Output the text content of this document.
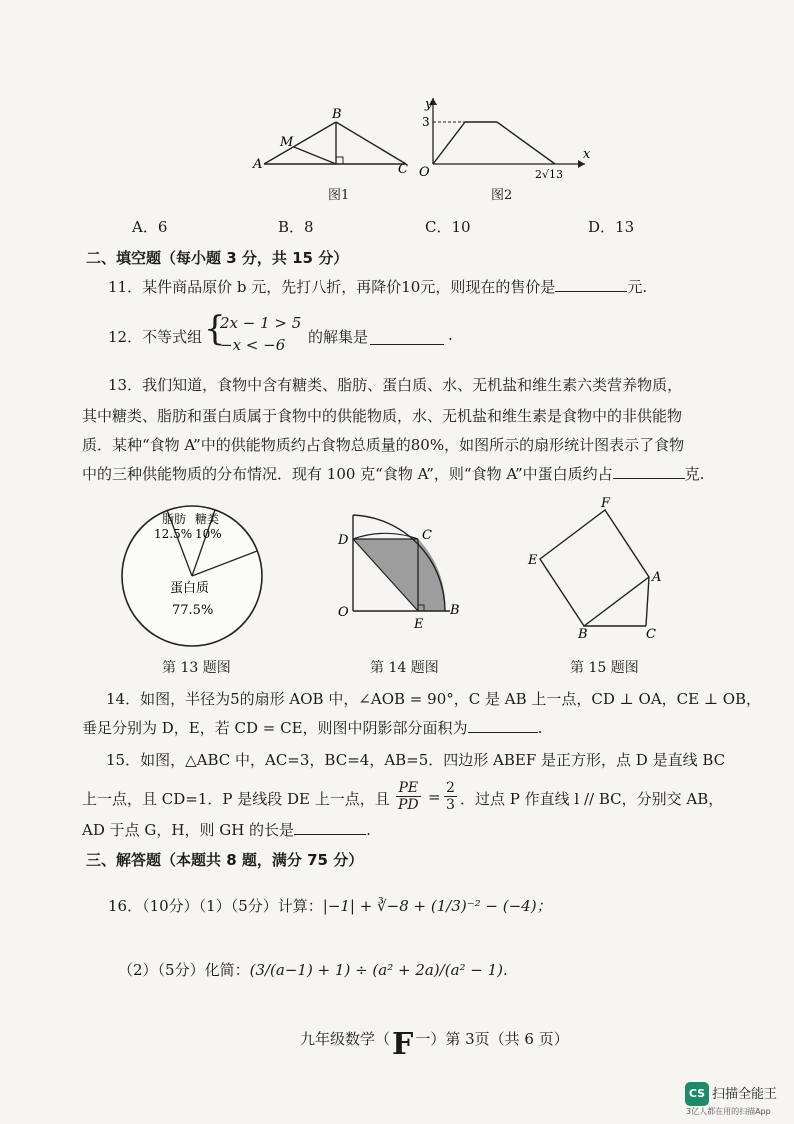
A
B
C
M
图1
y
x
3
O	2√13
图2
A．6	B．8	C．10	D．13
二、填空题（每小题 3 分，共 15 分）
11．某件商品原价 b 元，先打八折，再降价10元，则现在的售价是	元.
12．不等式组 {
2x − 1 > 5
−x < −6 的解集是	.
13．我们知道，食物中含有糖类、脂肪、蛋白质、水、无机盐和维生素六类营养物质，
其中糖类、脂肪和蛋白质属于食物中的供能物质，水、无机盐和维生素是食物中的非供能物
质．某种“食物 A”中的供能物质约占食物总质量的80%，如图所示的扇形统计图表示了食物
中的三种供能物质的分布情况．现有 100 克“食物 A”，则“食物 A”中蛋白质约占	克.
脂肪
12.5%
糖类
10%
蛋白质
77.5%
C
D
O
E
B
F
E
A
B	C
第 13 题图	第 14 题图	第 15 题图
14．如图，半径为5的扇形 AOB 中，∠AOB = 90°，C 是 AB 上一点，CD ⊥ OA，CE ⊥ OB，
垂足分别为 D，E，若 CD = CE，则图中阴影部分面积为	.
15．如图，△ABC 中，AC=3，BC=4，AB=5．四边形 ABEF 是正方形，点 D 是直线 BC
上一点，且 CD=1．P 是线段 DE 上一点，且 $\frac{PE}{PD} = \frac{2}{3}$ ．过点 P 作直线 l // BC，分别交 AB，
AD 于点 G，H，则 GH 的长是	.
三、解答题（本题共 8 题，满分 75 分）
16．（10分）（1）（5分）计算：|−1| + ∛−8 + (1/3)⁻² − (−4)；
（2）（5分）化简：(3/(a−1) + 1) ÷ (a² + 2a)/(a² − 1).
九年级数学（F 一）第 3页（共 6 页）
CS 扫描全能王
3亿人都在用的扫描App
